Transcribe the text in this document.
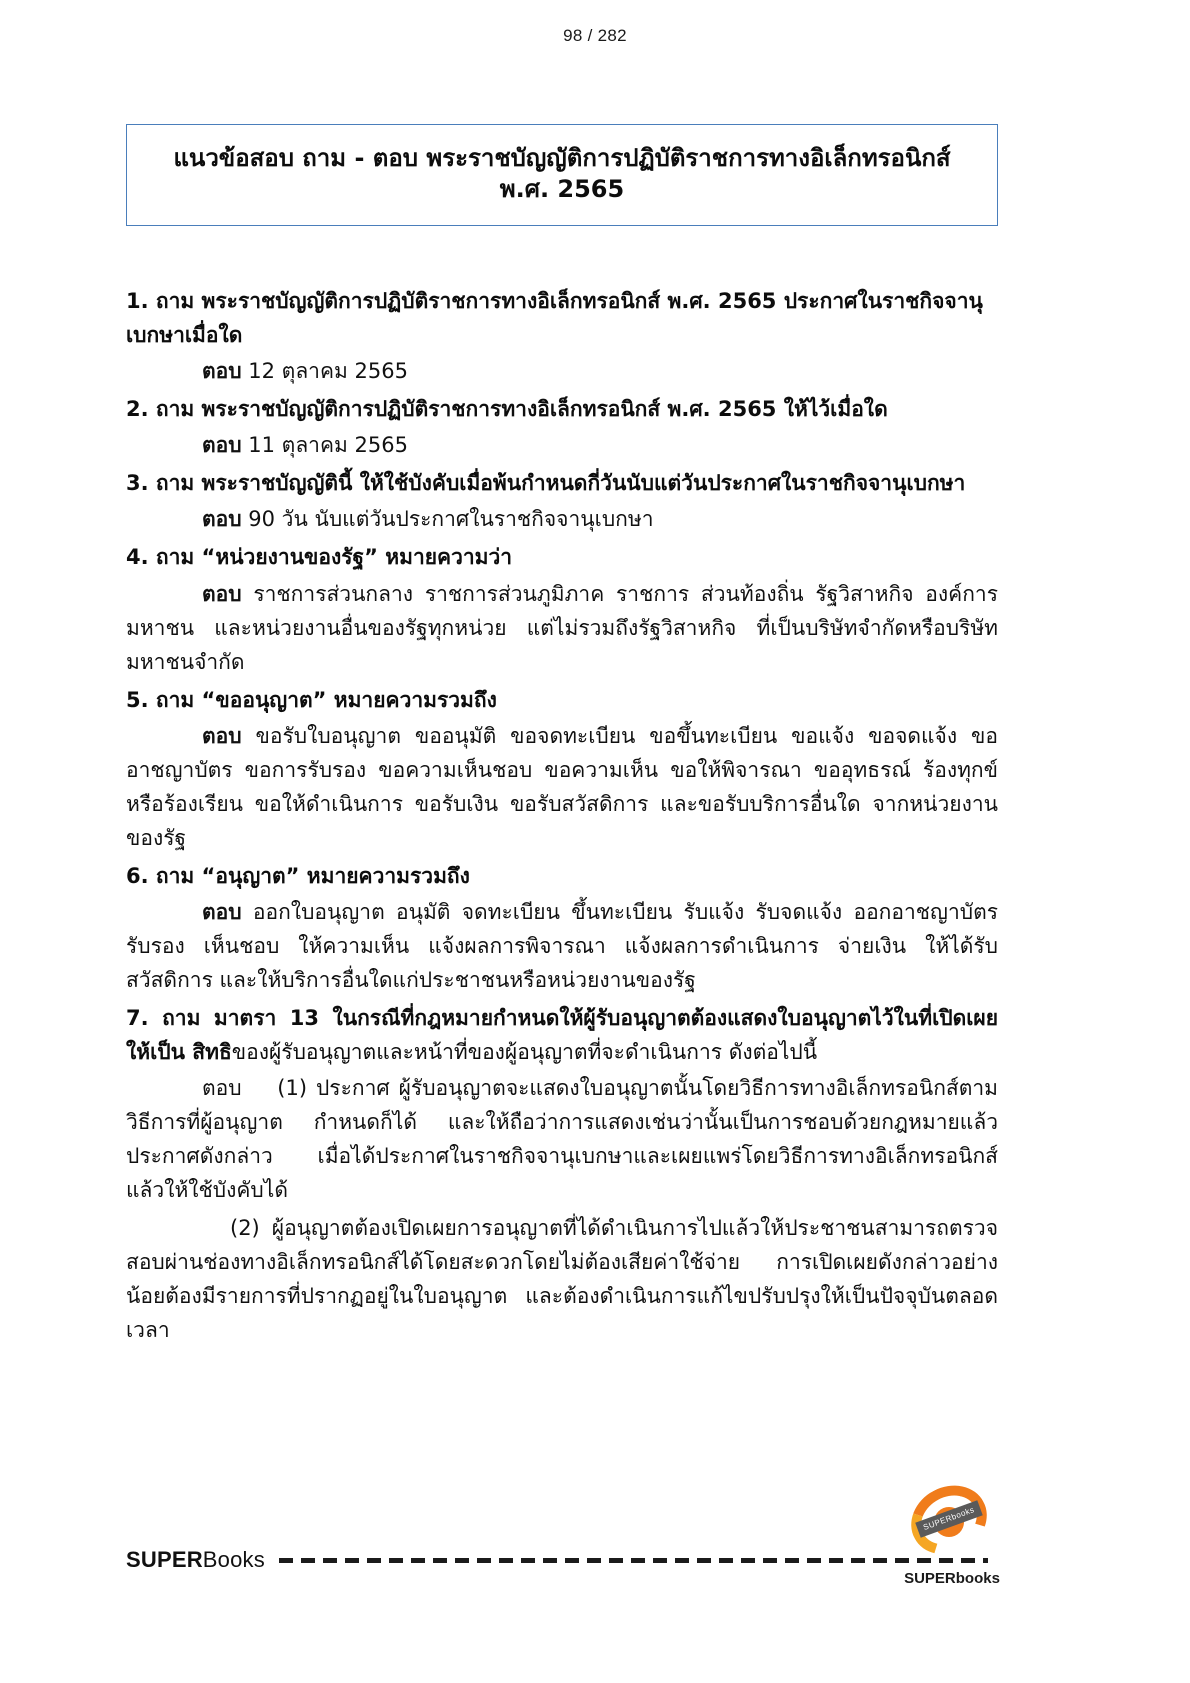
98 / 282
แนวข้อสอบ ถาม - ตอบ พระราชบัญญัติการปฏิบัติราชการทางอิเล็กทรอนิกส์ พ.ศ. 2565
1. ถาม พระราชบัญญัติการปฏิบัติราชการทางอิเล็กทรอนิกส์ พ.ศ. 2565 ประกาศในราชกิจจานุเบกษาเมื่อใด
ตอบ 12 ตุลาคม 2565
2. ถาม พระราชบัญญัติการปฏิบัติราชการทางอิเล็กทรอนิกส์ พ.ศ. 2565 ให้ไว้เมื่อใด
ตอบ 11 ตุลาคม 2565
3. ถาม พระราชบัญญัตินี้ ให้ใช้บังคับเมื่อพ้นกำหนดกี่วันนับแต่วันประกาศในราชกิจจานุเบกษา
ตอบ 90 วัน นับแต่วันประกาศในราชกิจจานุเบกษา
4. ถาม “หน่วยงานของรัฐ” หมายความว่า
ตอบ ราชการส่วนกลาง ราชการส่วนภูมิภาค ราชการ ส่วนท้องถิ่น รัฐวิสาหกิจ องค์การมหาชน และหน่วยงานอื่นของรัฐทุกหน่วย แต่ไม่รวมถึงรัฐวิสาหกิจ ที่เป็นบริษัทจำกัดหรือบริษัทมหาชนจำกัด
5. ถาม “ขออนุญาต” หมายความรวมถึง
ตอบ ขอรับใบอนุญาต ขออนุมัติ ขอจดทะเบียน ขอขึ้นทะเบียน ขอแจ้ง ขอจดแจ้ง ขออาชญาบัตร ขอการรับรอง ขอความเห็นชอบ ขอความเห็น ขอให้พิจารณา ขออุทธรณ์ ร้องทุกข์ หรือร้องเรียน ขอให้ดำเนินการ ขอรับเงิน ขอรับสวัสดิการ และขอรับบริการอื่นใด จากหน่วยงานของรัฐ
6. ถาม “อนุญาต” หมายความรวมถึง
ตอบ ออกใบอนุญาต อนุมัติ จดทะเบียน ขึ้นทะเบียน รับแจ้ง รับจดแจ้ง ออกอาชญาบัตร รับรอง เห็นชอบ ให้ความเห็น แจ้งผลการพิจารณา แจ้งผลการดำเนินการ จ่ายเงิน ให้ได้รับสวัสดิการ และให้บริการอื่นใดแก่ประชาชนหรือหน่วยงานของรัฐ
7. ถาม มาตรา 13 ในกรณีที่กฎหมายกำหนดให้ผู้รับอนุญาตต้องแสดงใบอนุญาตไว้ในที่เปิดเผย ให้เป็น สิทธิของผู้รับอนุญาตและหน้าที่ของผู้อนุญาตที่จะดำเนินการ ดังต่อไปนี้
ตอบ (1) ประกาศ ผู้รับอนุญาตจะแสดงใบอนุญาตนั้นโดยวิธีการทางอิเล็กทรอนิกส์ตามวิธีการที่ผู้อนุญาต กำหนดก็ได้ และให้ถือว่าการแสดงเช่นว่านั้นเป็นการชอบด้วยกฎหมายแล้ว ประกาศดังกล่าว เมื่อได้ประกาศในราชกิจจานุเบกษาและเผยแพร่โดยวิธีการทางอิเล็กทรอนิกส์แล้วให้ใช้บังคับได้
(2) ผู้อนุญาตต้องเปิดเผยการอนุญาตที่ได้ดำเนินการไปแล้วให้ประชาชนสามารถตรวจสอบผ่านช่องทางอิเล็กทรอนิกส์ได้โดยสะดวกโดยไม่ต้องเสียค่าใช้จ่าย การเปิดเผยดังกล่าวอย่างน้อยต้องมีรายการที่ปรากฏอยู่ในใบอนุญาต และต้องดำเนินการแก้ไขปรับปรุงให้เป็นปัจจุบันตลอดเวลา
SUPERBooks
SUPERbooks
SUPERbooks
